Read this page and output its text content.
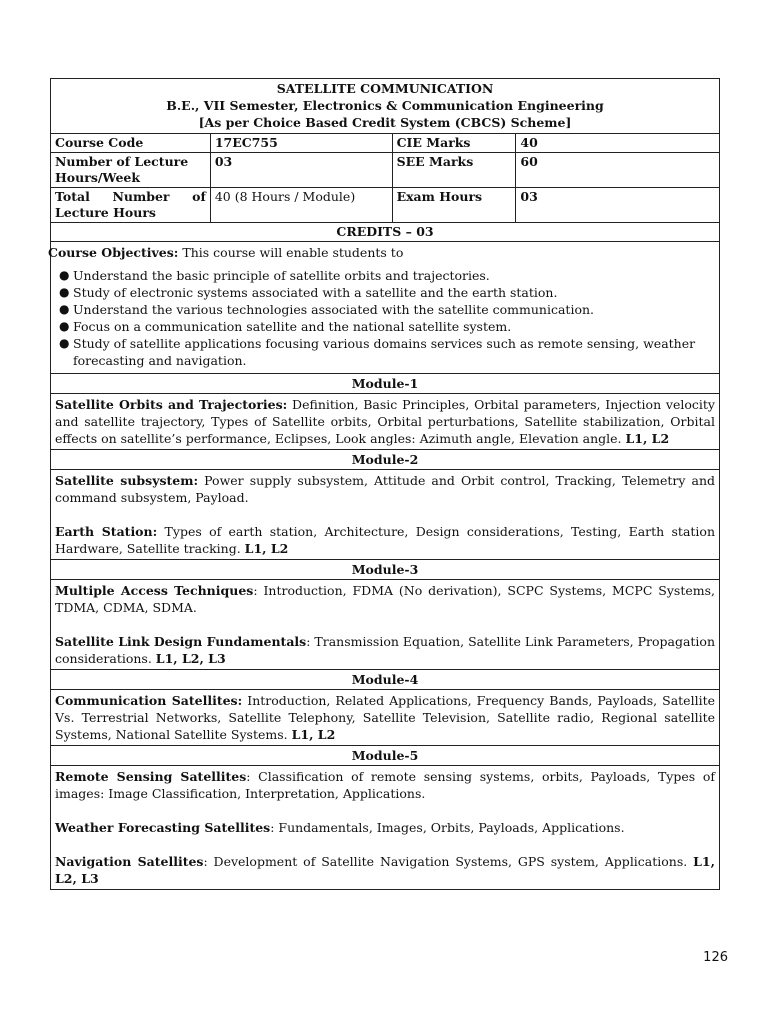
SATELLITE COMMUNICATION
B.E., VII Semester, Electronics & Communication Engineering
[As per Choice Based Credit System (CBCS) Scheme]
Course Code	17EC755	CIE Marks	40
Number of Lecture Hours/Week	03	SEE Marks	60
Total Number of Lecture Hours	40 (8 Hours / Module)	Exam Hours	03
CREDITS – 03
Course Objectives: This course will enable students to
● Understand the basic principle of satellite orbits and trajectories.
● Study of electronic systems associated with a satellite and the earth station.
● Understand the various technologies associated with the satellite communication.
● Focus on a communication satellite and the national satellite system.
● Study of satellite applications focusing various domains services such as remote sensing, weather forecasting and navigation.
Module-1

Satellite Orbits and Trajectories: Definition, Basic Principles, Orbital parameters, Injection velocity and satellite trajectory, Types of Satellite orbits, Orbital perturbations, Satellite stabilization, Orbital effects on satellite’s performance, Eclipses, Look angles: Azimuth angle, Elevation angle. L1, L2

Module-2

Satellite subsystem: Power supply subsystem, Attitude and Orbit control, Tracking, Telemetry and command subsystem, Payload.

Earth Station: Types of earth station, Architecture, Design considerations, Testing, Earth station Hardware, Satellite tracking. L1, L2

Module-3

Multiple Access Techniques: Introduction, FDMA (No derivation), SCPC Systems, MCPC Systems, TDMA, CDMA, SDMA.

Satellite Link Design Fundamentals: Transmission Equation, Satellite Link Parameters, Propagation considerations. L1, L2, L3

Module-4

Communication Satellites: Introduction, Related Applications, Frequency Bands, Payloads, Satellite Vs. Terrestrial Networks, Satellite Telephony, Satellite Television, Satellite radio, Regional satellite Systems, National Satellite Systems. L1, L2

Module-5

Remote Sensing Satellites: Classification of remote sensing systems, orbits, Payloads, Types of images: Image Classification, Interpretation, Applications.

Weather Forecasting Satellites: Fundamentals, Images, Orbits, Payloads, Applications.

Navigation Satellites: Development of Satellite Navigation Systems, GPS system, Applications. L1, L2, L3

126
